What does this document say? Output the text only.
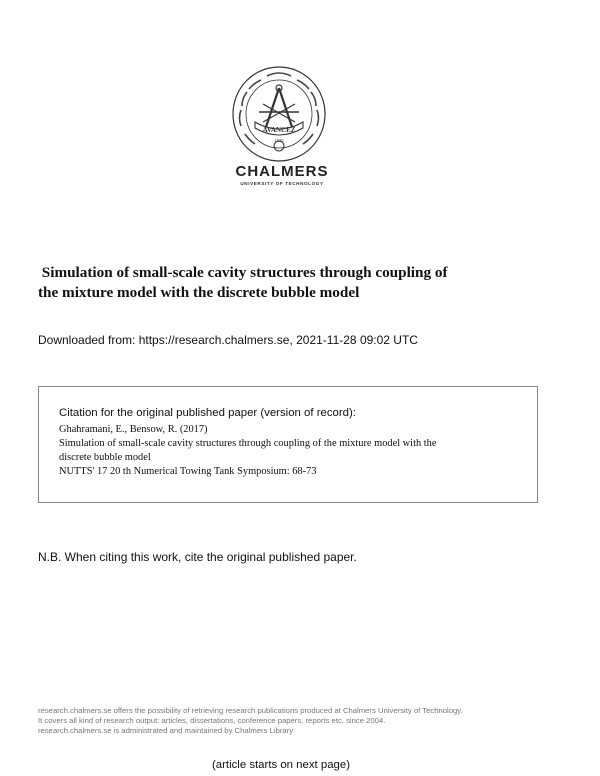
AVANCEZ
1829
CHALMERS
UNIVERSITY OF TECHNOLOGY
Simulation of small-scale cavity structures through coupling of
the mixture model with the discrete bubble model
Downloaded from: https://research.chalmers.se, 2021-11-28 09:02 UTC
Citation for the original published paper (version of record):
Ghahramani, E., Bensow, R. (2017)
Simulation of small-scale cavity structures through coupling of the mixture model with the
discrete bubble model
NUTTS' 17 20 th Numerical Towing Tank Symposium: 68-73
N.B. When citing this work, cite the original published paper.
research.chalmers.se offers the possibility of retrieving research publications produced at Chalmers University of Technology.
It covers all kind of research output: articles, dissertations, conference papers, reports etc. since 2004.
research.chalmers.se is administrated and maintained by Chalmers Library
(article starts on next page)
